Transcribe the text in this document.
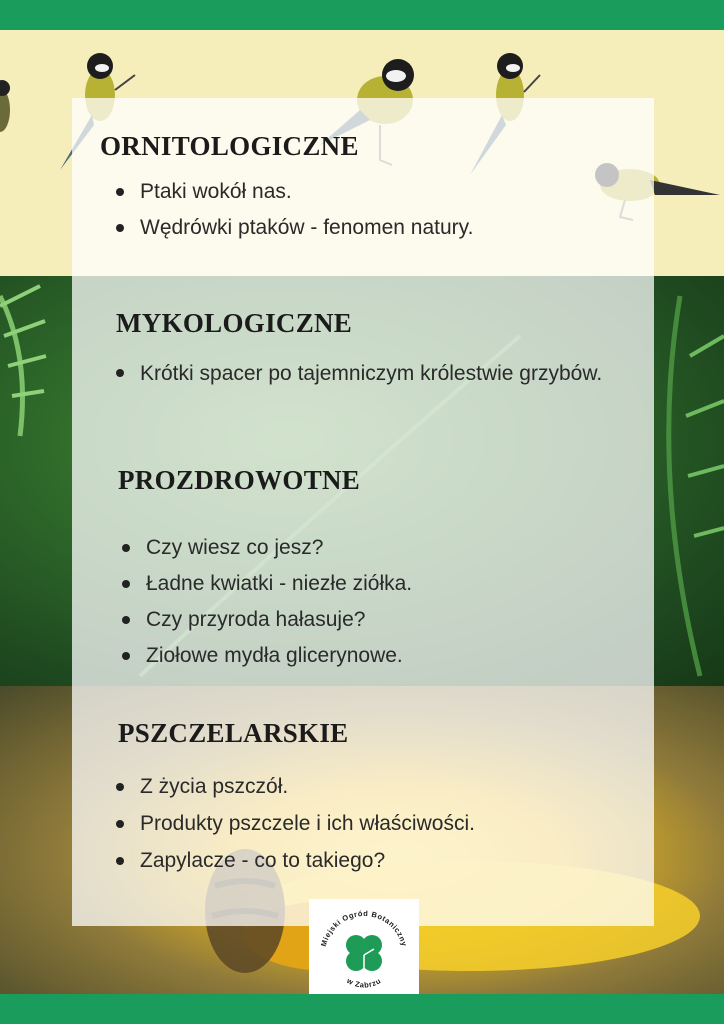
ORNITOLOGICZNE
Ptaki wokół nas.
Wędrówki ptaków - fenomen natury.
MYKOLOGICZNE
Krótki spacer po tajemniczym królestwie grzybów.
PROZDROWOTNE
Czy wiesz co jesz?
Ładne kwiatki - niezłe ziółka.
Czy przyroda hałasuje?
Ziołowe mydła glicerynowe.
PSZCZELARSKIE
Z życia pszczół.
Produkty pszczele i ich właściwości.
Zapylacze - co to takiego?
Miejski Ogród Botaniczny
w Zabrzu
